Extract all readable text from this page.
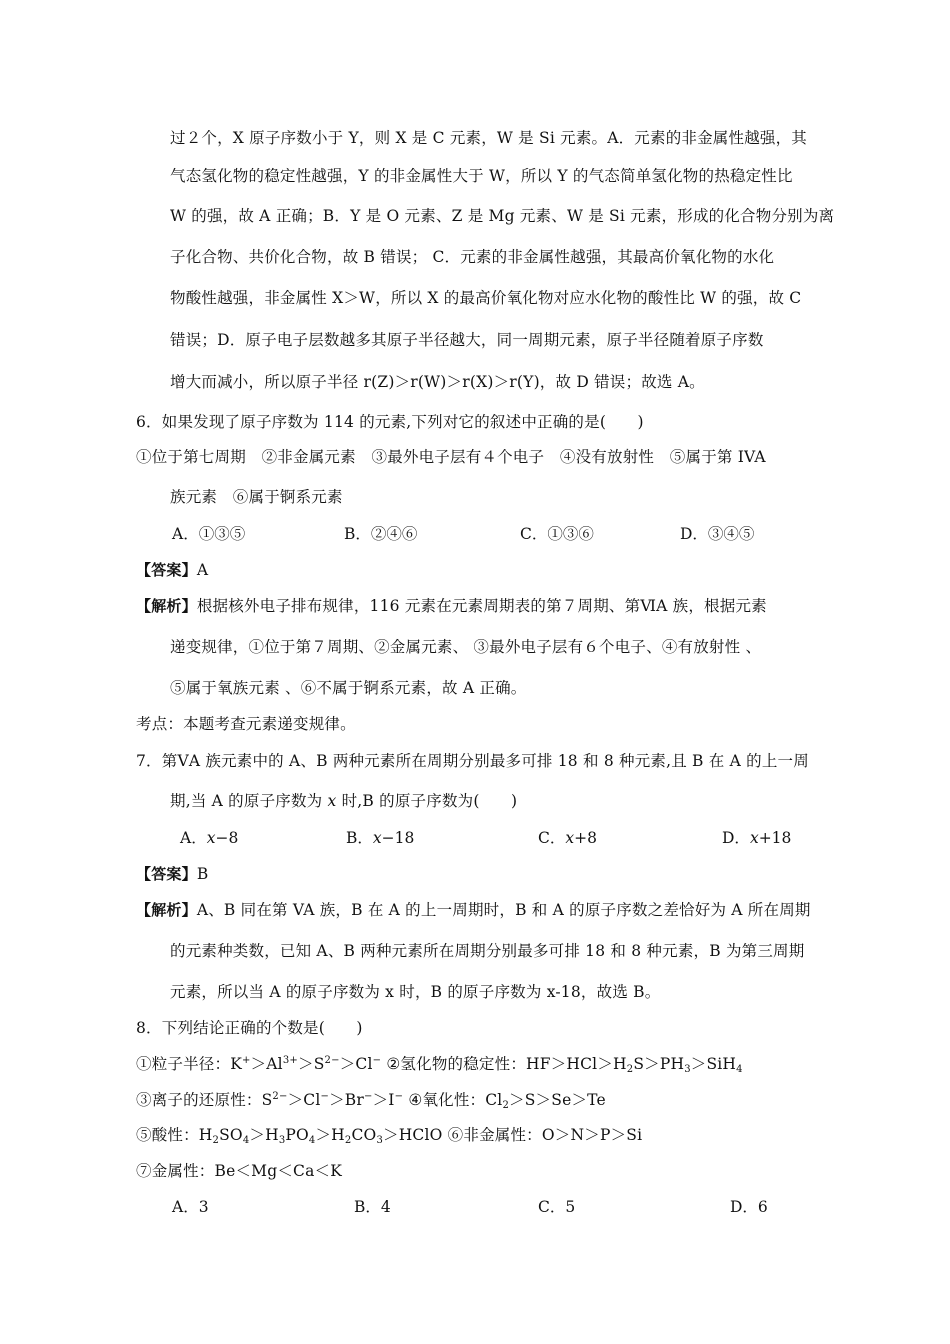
过２个，X 原子序数小于 Y，则 X 是 C 元素，W 是 Si 元素。A．元素的非金属性越强，其
气态氢化物的稳定性越强，Y 的非金属性大于 W，所以 Y 的气态简单氢化物的热稳定性比
W 的强，故 A 正确；B．Y 是 O 元素、Z 是 Mg 元素、W 是 Si 元素，形成的化合物分别为离
子化合物、共价化合物，故 B 错误； C．元素的非金属性越强，其最高价氧化物的水化
物酸性越强，非金属性 X＞W，所以 X 的最高价氧化物对应水化物的酸性比 W 的强，故 C
错误；D．原子电子层数越多其原子半径越大，同一周期元素，原子半径随着原子序数
增大而减小，所以原子半径 r(Z)＞r(W)＞r(X)＞r(Y)，故 D 错误；故选 A。
6．如果发现了原子序数为 114 的元素,下列对它的叙述中正确的是(　　)
①位于第七周期　②非金属元素　③最外电子层有４个电子　④没有放射性　⑤属于第 IVA
族元素　⑥属于锕系元素
A．①③⑤	B．②④⑥	C．①③⑥	D．③④⑤
【答案】A
【解析】根据核外电子排布规律，116 元素在元素周期表的第７周期、第ⅥA 族，根据元素
递变规律，①位于第７周期、②金属元素、 ③最外电子层有６个电子、④有放射性 、
⑤属于氧族元素 、⑥不属于锕系元素，故 A 正确。
考点：本题考查元素递变规律。
7．第ⅤA 族元素中的 A、B 两种元素所在周期分别最多可排 18 和 8 种元素,且 B 在 A 的上一周
期,当 A 的原子序数为 x 时,B 的原子序数为(　　)
A．x−8	B．x−18	C．x+8	D．x+18
【答案】B
【解析】A、B 同在第 VA 族，B 在 A 的上一周期时，B 和 A 的原子序数之差恰好为 A 所在周期
的元素种类数，已知 A、B 两种元素所在周期分别最多可排 18 和 8 种元素，B 为第三周期
元素，所以当 A 的原子序数为 x 时，B 的原子序数为 x-18，故选 B。
8．下列结论正确的个数是(　　)
①粒子半径：$K^+>Al^{3+}>S^{2-}>Cl^-$ ②氢化物的稳定性：$HF>HCl>H_2S>PH_3>SiH_4$
③离子的还原性：$S^{2-}>Cl^->Br^->I^-$ ④氧化性：$Cl_2>S>Se>Te$
⑤酸性：$H_2SO_4>H_3PO_4>H_2CO_3>HClO$ ⑥非金属性：O＞N＞P＞Si
⑦金属性：Be＜Mg＜Ca＜K
A．3	B．4	C．5	D．6
